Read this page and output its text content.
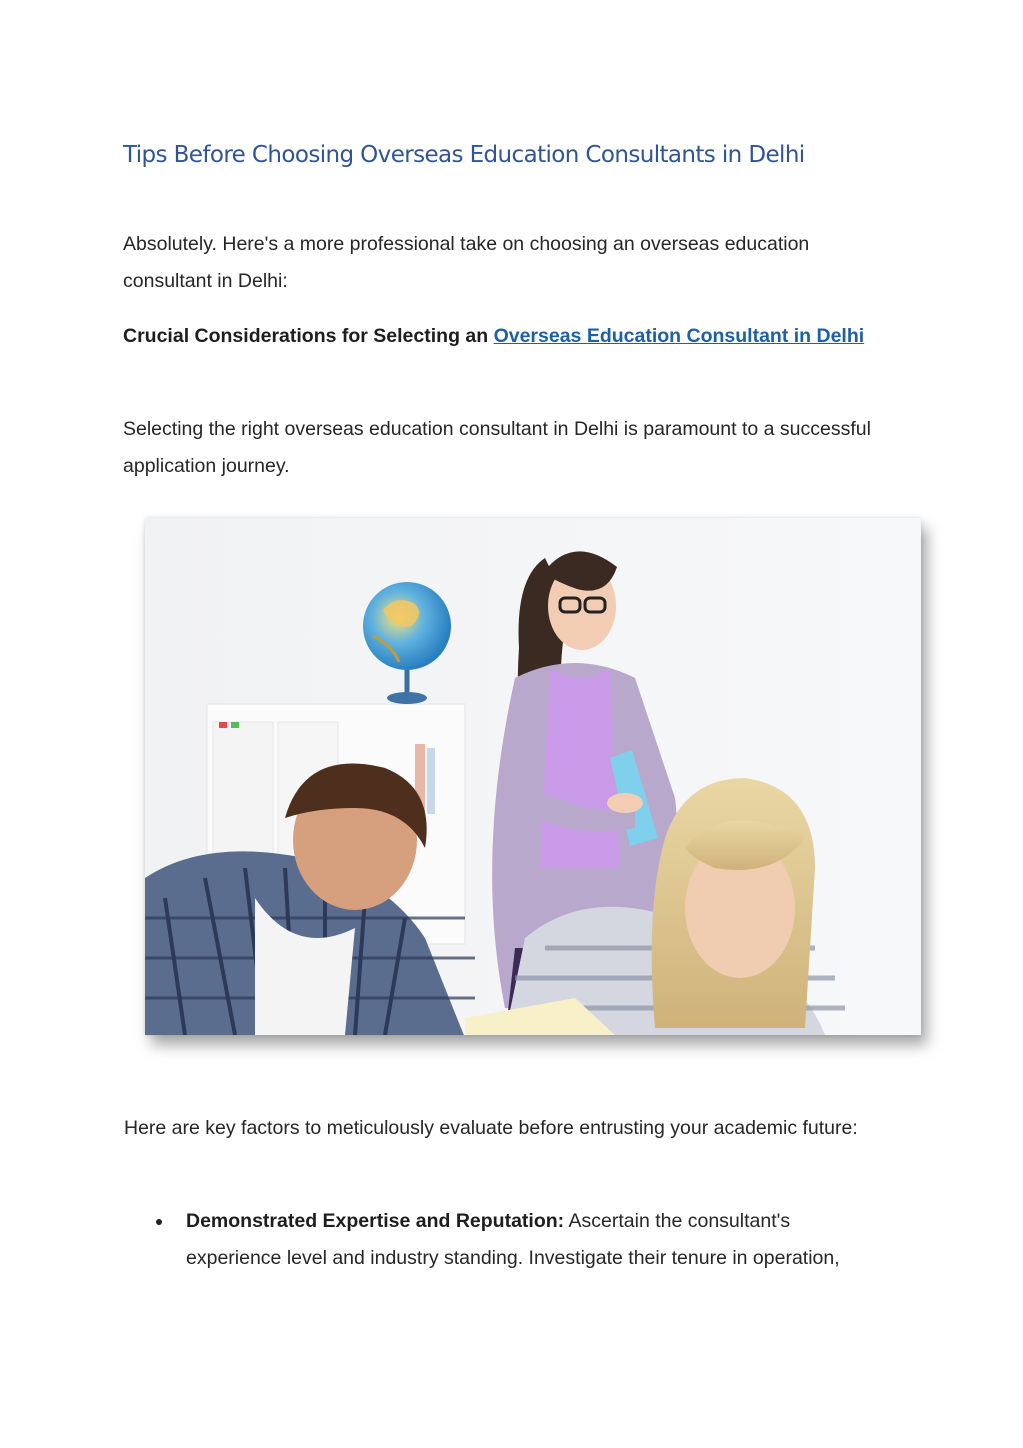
Tips Before Choosing Overseas Education Consultants in Delhi

Absolutely. Here's a more professional take on choosing an overseas education consultant in Delhi:

Crucial Considerations for Selecting an Overseas Education Consultant in Delhi

Selecting the right overseas education consultant in Delhi is paramount to a successful application journey.

Here are key factors to meticulously evaluate before entrusting your academic future:

Demonstrated Expertise and Reputation: Ascertain the consultant's experience level and industry standing. Investigate their tenure in operation,
